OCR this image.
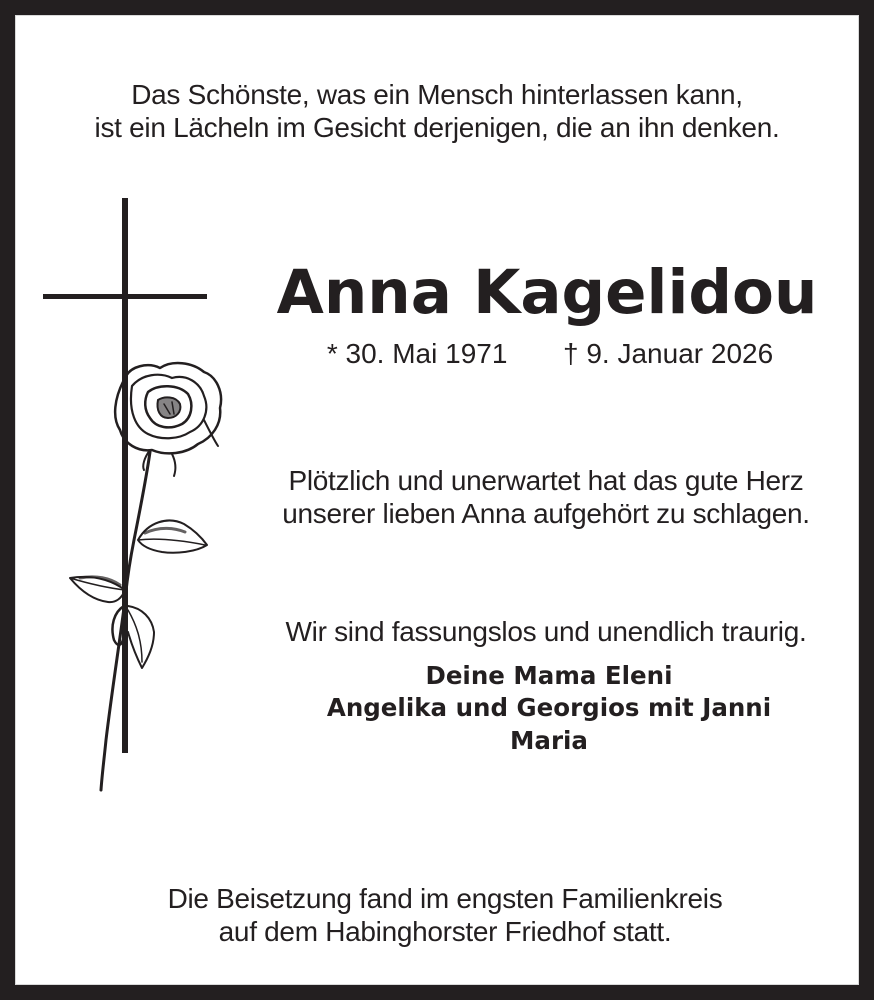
Das Schönste, was ein Mensch hinterlassen kann,
ist ein Lächeln im Gesicht derjenigen, die an ihn denken.
Anna Kagelidou
* 30. Mai 1971 † 9. Januar 2026
Plötzlich und unerwartet hat das gute Herz
unserer lieben Anna aufgehört zu schlagen.
Wir sind fassungslos und unendlich traurig.
Deine Mama Eleni
Angelika und Georgios mit Janni
Maria
Die Beisetzung fand im engsten Familienkreis
auf dem Habinghorster Friedhof statt.
